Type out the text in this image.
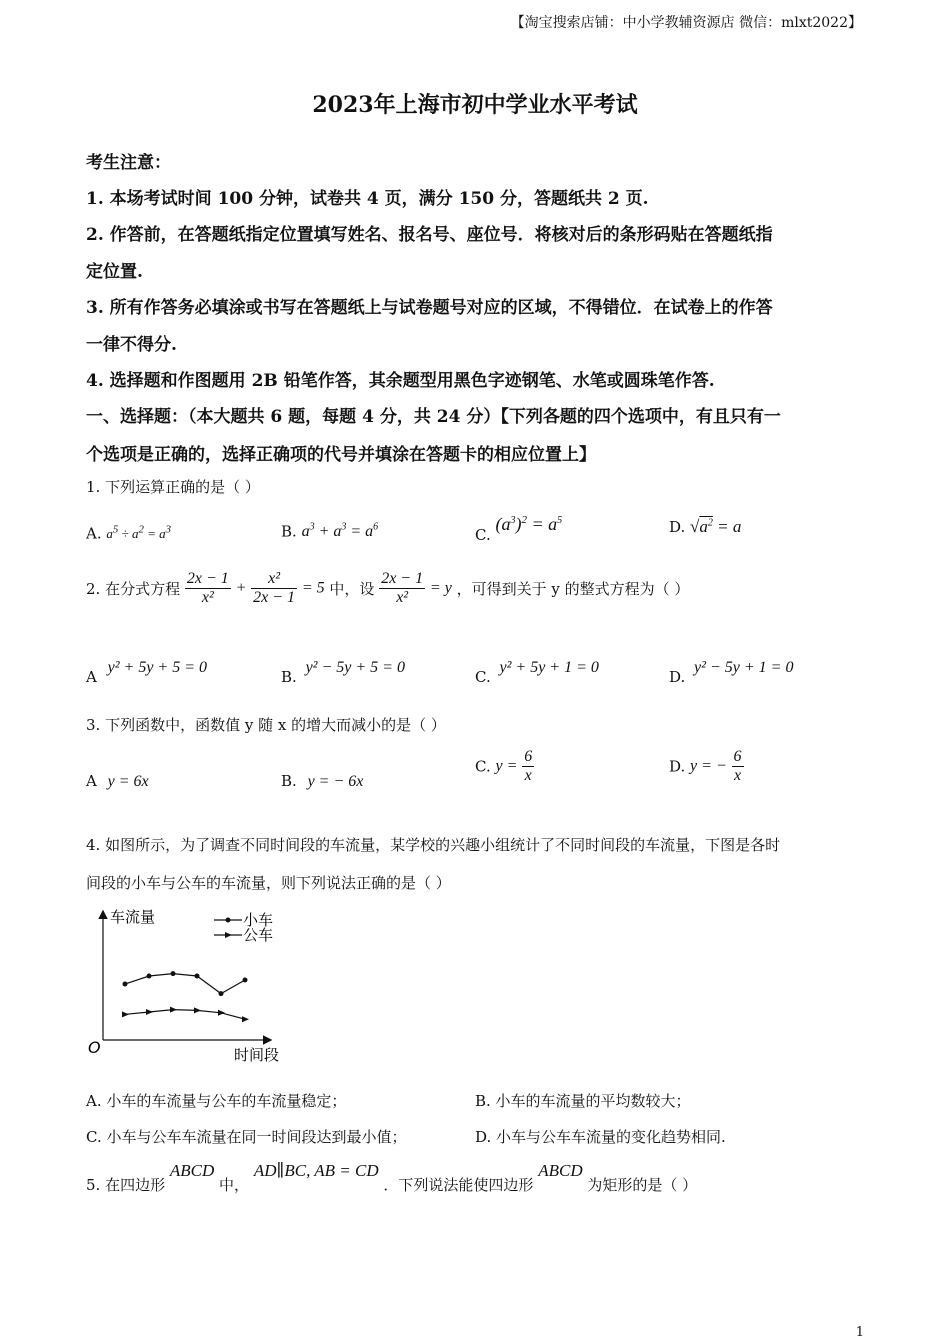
【淘宝搜索店铺：中小学教辅资源店 微信：mlxt2022】
2023年上海市初中学业水平考试
考生注意：
1. 本场考试时间 100 分钟，试卷共 4 页，满分 150 分，答题纸共 2 页.
2. 作答前，在答题纸指定位置填写姓名、报名号、座位号．将核对后的条形码贴在答题纸指
定位置.
3. 所有作答务必填涂或书写在答题纸上与试卷题号对应的区域，不得错位．在试卷上的作答
一律不得分.
4. 选择题和作图题用 2B 铅笔作答，其余题型用黑色字迹钢笔、水笔或圆珠笔作答.
一、选择题：（本大题共 6 题，每题 4 分，共 24 分）【下列各题的四个选项中，有且只有一
个选项是正确的，选择正确项的代号并填涂在答题卡的相应位置上】
1. 下列运算正确的是（ ）
A. $a^5 \div a^2 = a^3$	B. $a^3 + a^3 = a^6$	C. $(a^3)^2 = a^5$	D. $√a^2 = a$
2. 在分式方程 $\frac{2x - 1}{\text{x²}} + \frac{\text{x²}}{2x - 1} = 5$ 中，设 $\frac{2x - 1}{\text{x²}} = y$ ，可得到关于 y 的整式方程为（ ）
A y² + 5y + 5 = 0
B. y² − 5y + 5 = 0
C. y² + 5y + 1 = 0
D. y² − 5y + 1 = 0
3. 下列函数中，函数值 y 随 x 的增大而减小的是（ ）
A y = 6x	B. y = − 6x
C. $y = \frac{6}{x}$	D. y = − $\frac{6}{x}$
4. 如图所示，为了调查不同时间段的车流量，某学校的兴趣小组统计了不同时间段的车流量，下图是各时
间段的小车与公车的车流量，则下列说法正确的是（ ）
车流量
时间段
O
小车
公车
A. 小车的车流量与公车的车流量稳定；	B. 小车的车流量的平均数较大；
C. 小车与公车车流量在同一时间段达到最小值；	D. 小车与公车车流量的变化趋势相同.
5. 在四边形 ABCD 中， AD∥BC, AB = CD ．下列说法能使四边形 ABCD 为矩形的是（ ）
1
